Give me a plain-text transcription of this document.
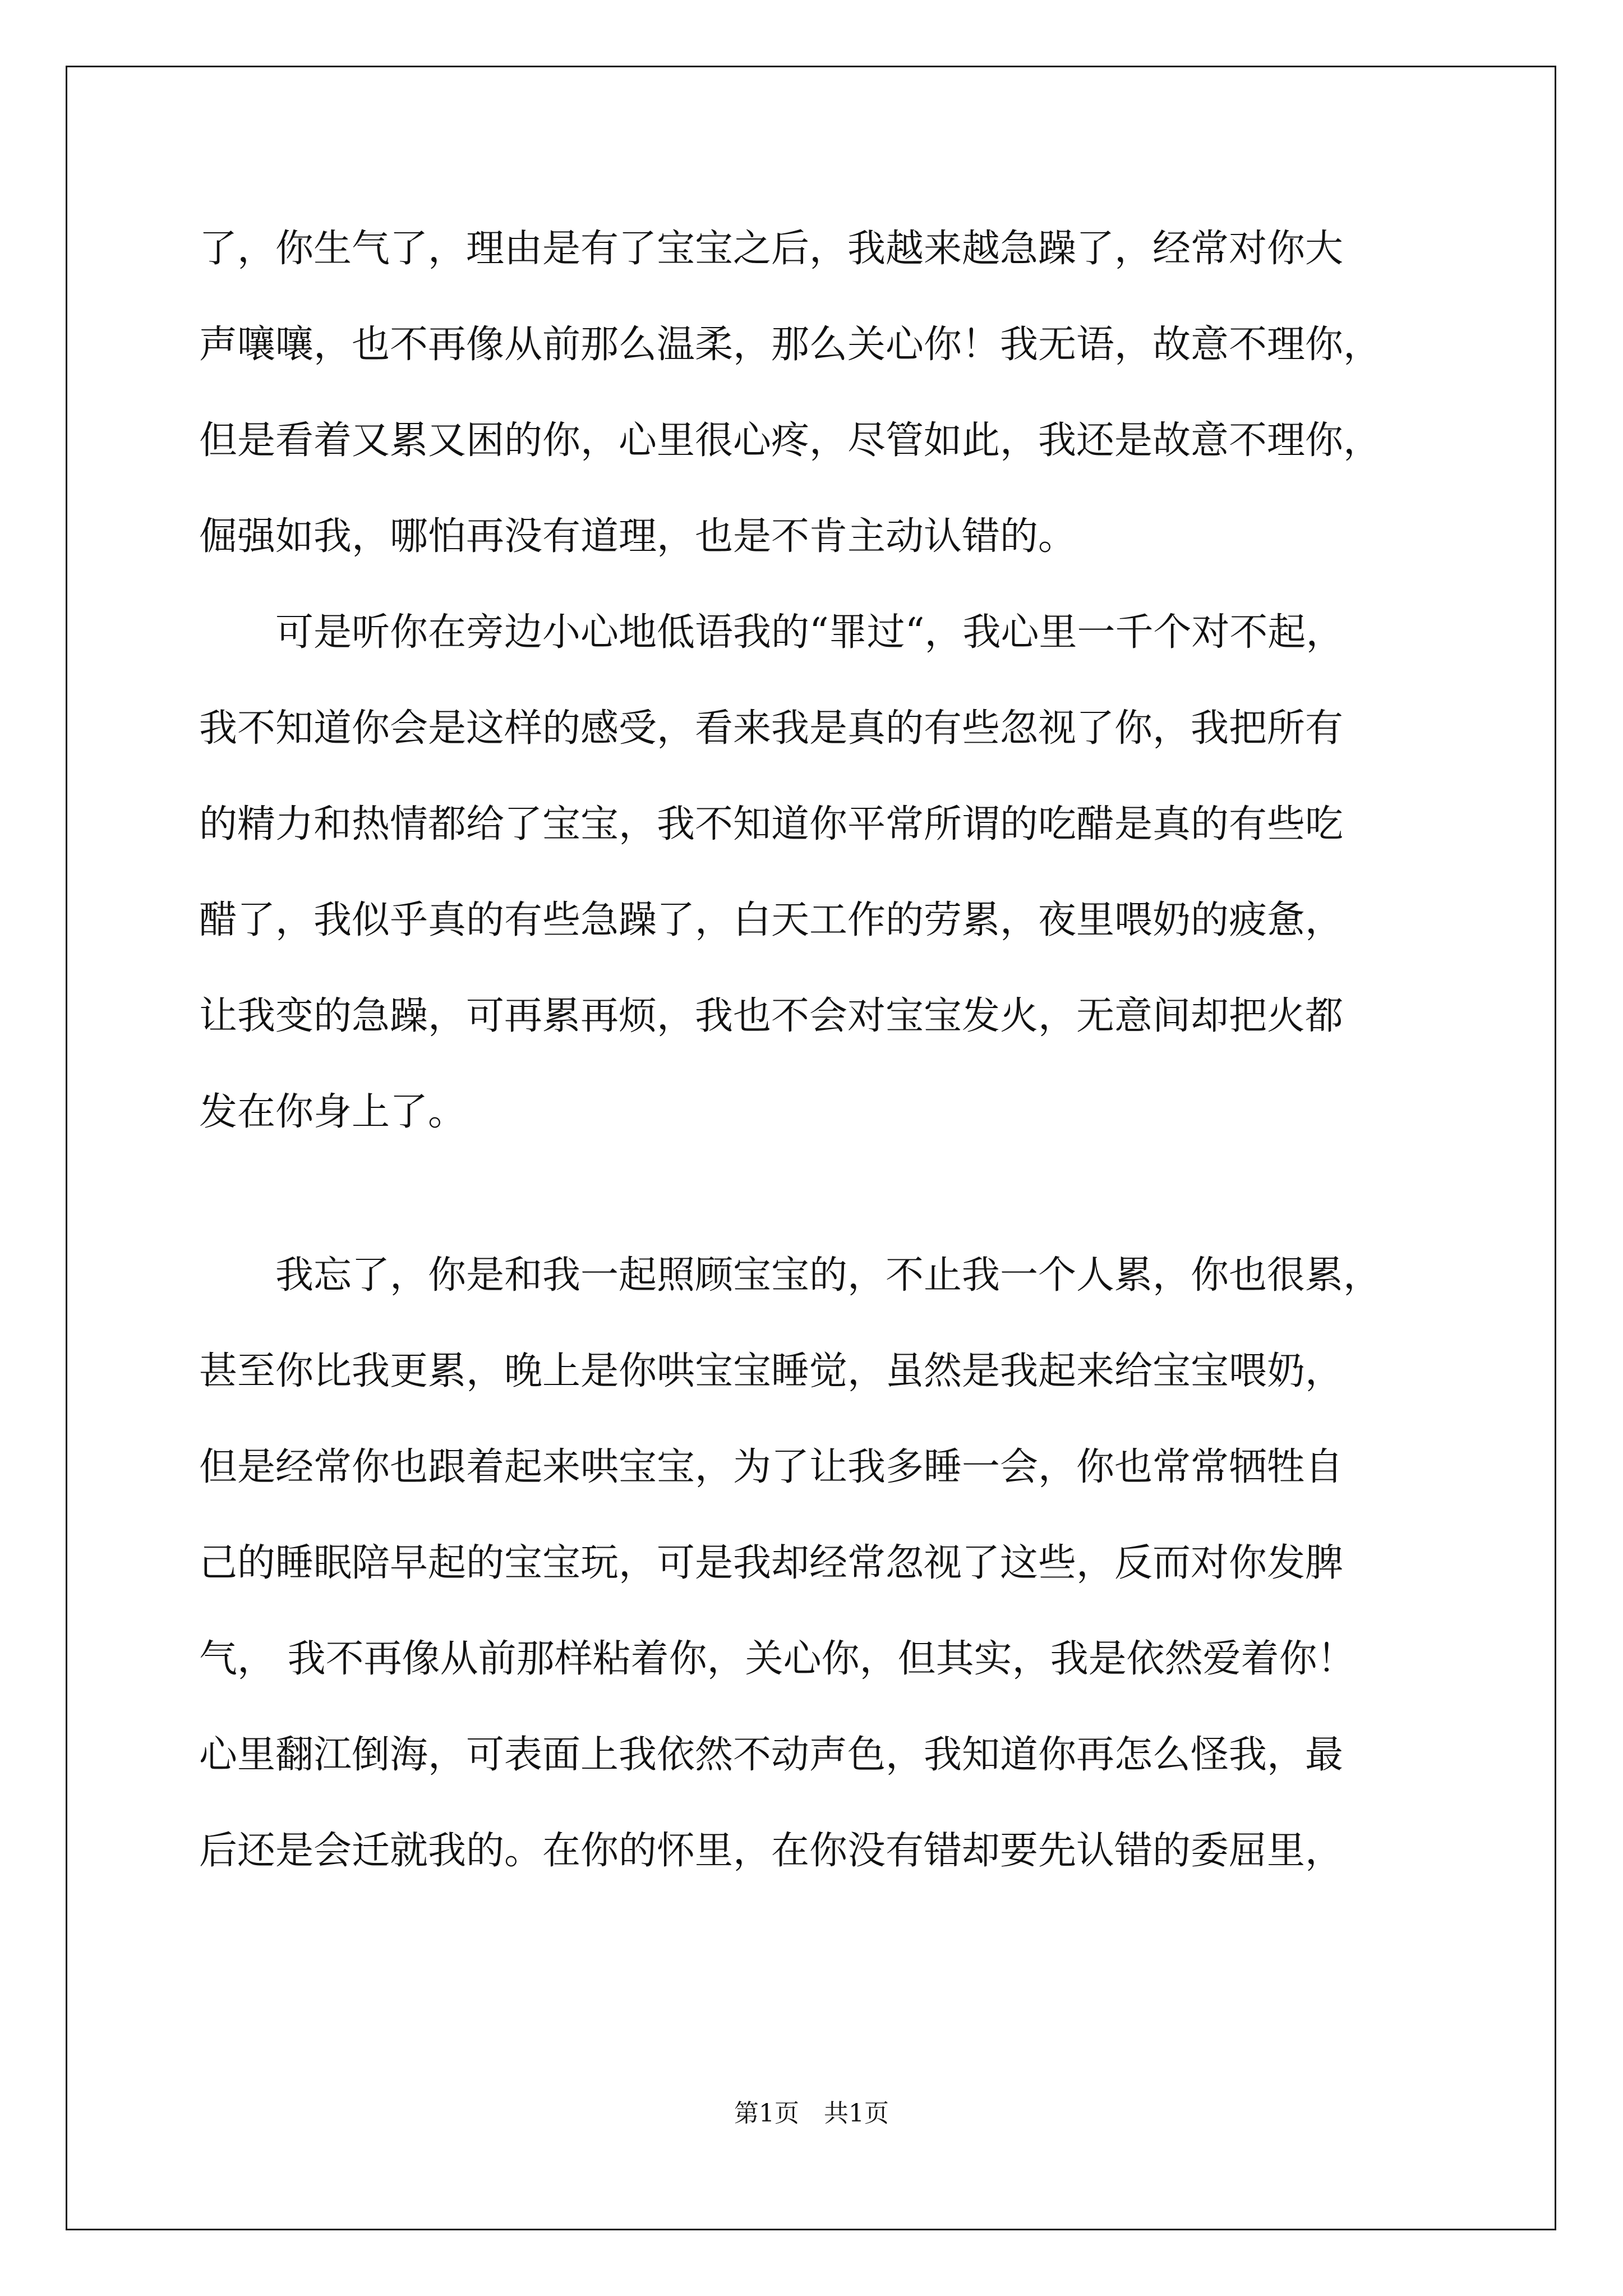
了，你生气了，理由是有了宝宝之后，我越来越急躁了，经常对你大

声嚷嚷，也不再像从前那么温柔，那么关心你！我无语，故意不理你，

但是看着又累又困的你，心里很心疼，尽管如此，我还是故意不理你，

倔强如我，哪怕再没有道理，也是不肯主动认错的。

　　可是听你在旁边小心地低语我的“罪过“，我心里一千个对不起，

我不知道你会是这样的感受，看来我是真的有些忽视了你，我把所有

的精力和热情都给了宝宝，我不知道你平常所谓的吃醋是真的有些吃

醋了，我似乎真的有些急躁了，白天工作的劳累，夜里喂奶的疲惫，

让我变的急躁，可再累再烦，我也不会对宝宝发火，无意间却把火都

发在你身上了。

　　我忘了，你是和我一起照顾宝宝的，不止我一个人累，你也很累，

甚至你比我更累，晚上是你哄宝宝睡觉，虽然是我起来给宝宝喂奶，

但是经常你也跟着起来哄宝宝，为了让我多睡一会，你也常常牺牲自

己的睡眠陪早起的宝宝玩，可是我却经常忽视了这些，反而对你发脾

气， 我不再像从前那样粘着你，关心你，但其实，我是依然爱着你！

心里翻江倒海，可表面上我依然不动声色，我知道你再怎么怪我，最

后还是会迁就我的。在你的怀里，在你没有错却要先认错的委屈里，

第1页　共1页
